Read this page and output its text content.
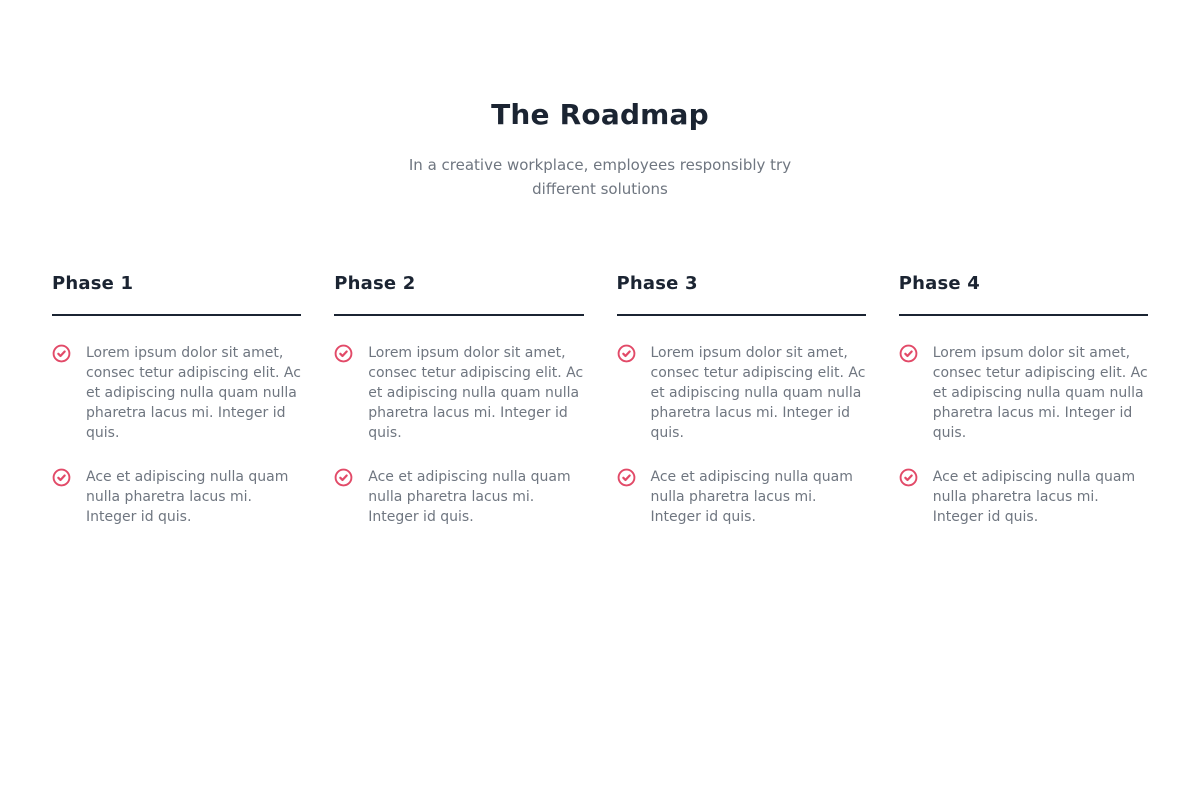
The Roadmap

In a creative workplace, employees responsibly try different solutions

Phase 1

Lorem ipsum dolor sit amet, consec tetur adipiscing elit. Ac et adipiscing nulla quam nulla pharetra lacus mi. Integer id quis.

Ace et adipiscing nulla quam nulla pharetra lacus mi. Integer id quis.

Phase 2

Lorem ipsum dolor sit amet, consec tetur adipiscing elit. Ac et adipiscing nulla quam nulla pharetra lacus mi. Integer id quis.

Ace et adipiscing nulla quam nulla pharetra lacus mi. Integer id quis.

Phase 3

Lorem ipsum dolor sit amet, consec tetur adipiscing elit. Ac et adipiscing nulla quam nulla pharetra lacus mi. Integer id quis.

Ace et adipiscing nulla quam nulla pharetra lacus mi. Integer id quis.

Phase 4

Lorem ipsum dolor sit amet, consec tetur adipiscing elit. Ac et adipiscing nulla quam nulla pharetra lacus mi. Integer id quis.

Ace et adipiscing nulla quam nulla pharetra lacus mi. Integer id quis.
